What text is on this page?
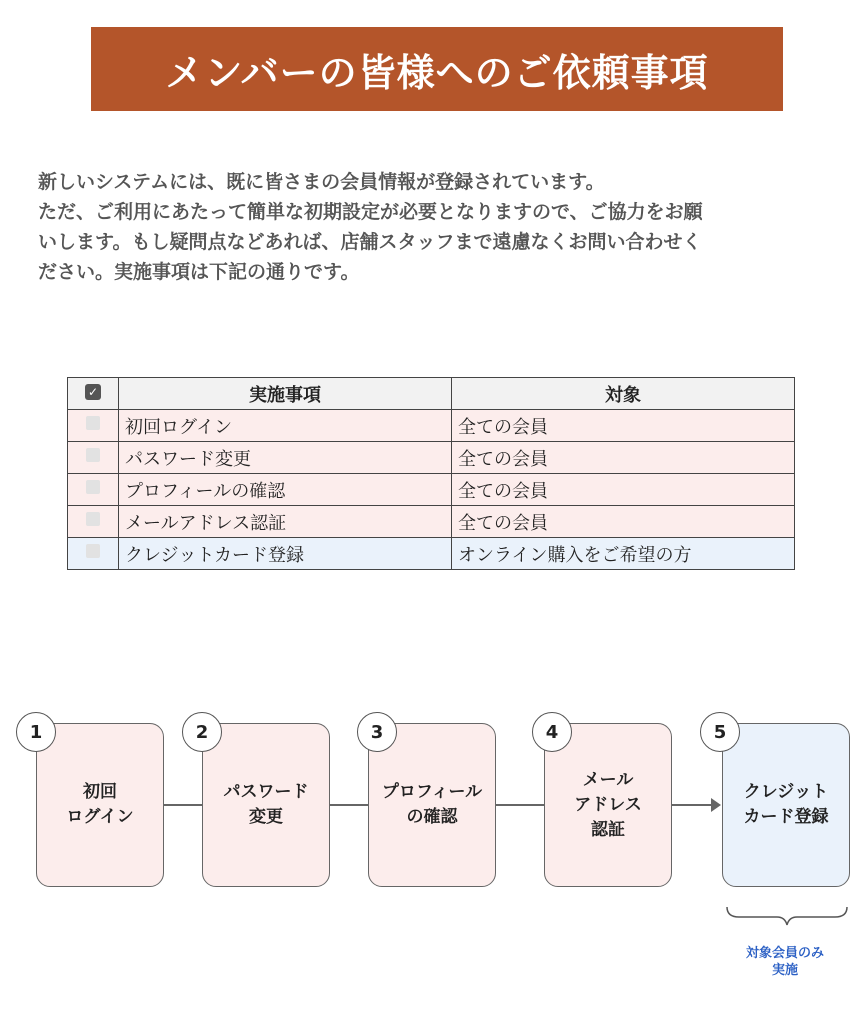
メンバーの皆様へのご依頼事項
新しいシステムには、既に皆さまの会員情報が登録されています。
ただ、ご利用にあたって簡単な初期設定が必要となりますので、ご協力をお願
いします。もし疑問点などあれば、店舗スタッフまで遠慮なくお問い合わせく
ださい。実施事項は下記の通りです。
✓	実施事項	対象
	初回ログイン	全ての会員
	パスワード変更	全ての会員
	プロフィールの確認	全ての会員
	メールアドレス認証	全ての会員
	クレジットカード登録	オンライン購入をご希望の方
初回
ログイン
パスワード
変更
プロフィール
の確認
メール
アドレス
認証
クレジット
カード登録
1	2	3	4	5
対象会員のみ
実施
